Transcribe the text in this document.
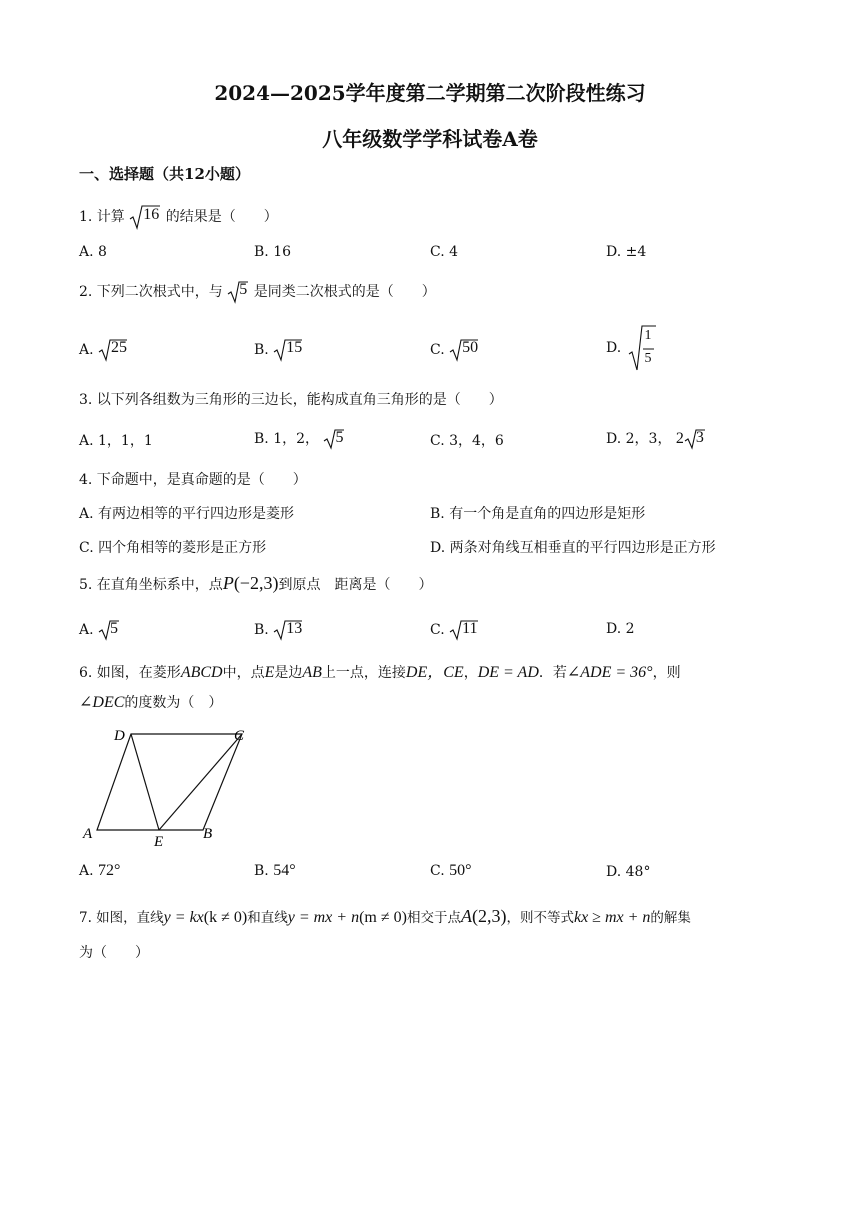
2024—2025学年度第二学期第二次阶段性练习
八年级数学学科试卷A卷
一、选择题（共12小题）
1. 计算 16 的结果是（　　）
A. 8	B. 16	C. 4	D. ±4
2. 下列二次根式中，与 5 是同类二次根式的是（　　）
A. 25	B. 15	C. 50	D.
1
5
3. 以下列各组数为三角形的三边长，能构成直角三角形的是（　　）
A. 1，1，1	B. 1，2， 5	C. 3，4，6	D. 2，3， 2 3
4. 下命题中，是真命题的是（　　）
A. 有两边相等的平行四边形是菱形	B. 有一个角是直角的四边形是矩形
C. 四个角相等的菱形是正方形	D. 两条对角线互相垂直的平行四边形是正方形
5. 在直角坐标系中，点P(−2,3)到原点　距离是（　　）
A. 5	B. 13	C. 11	D. 2
6. 如图，在菱形ABCD中，点E是边AB上一点，连接DE，CE，DE = AD．若∠ADE = 36°，则
∠DEC的度数为（　）
D	C
A	E	B
A. 72°	B. 54°	C. 50°	D. 48°
7. 如图，直线y = kx(k ≠ 0)和直线y = mx + n(m ≠ 0)相交于点A(2,3)，则不等式kx ≥ mx + n的解集
为（　　）
